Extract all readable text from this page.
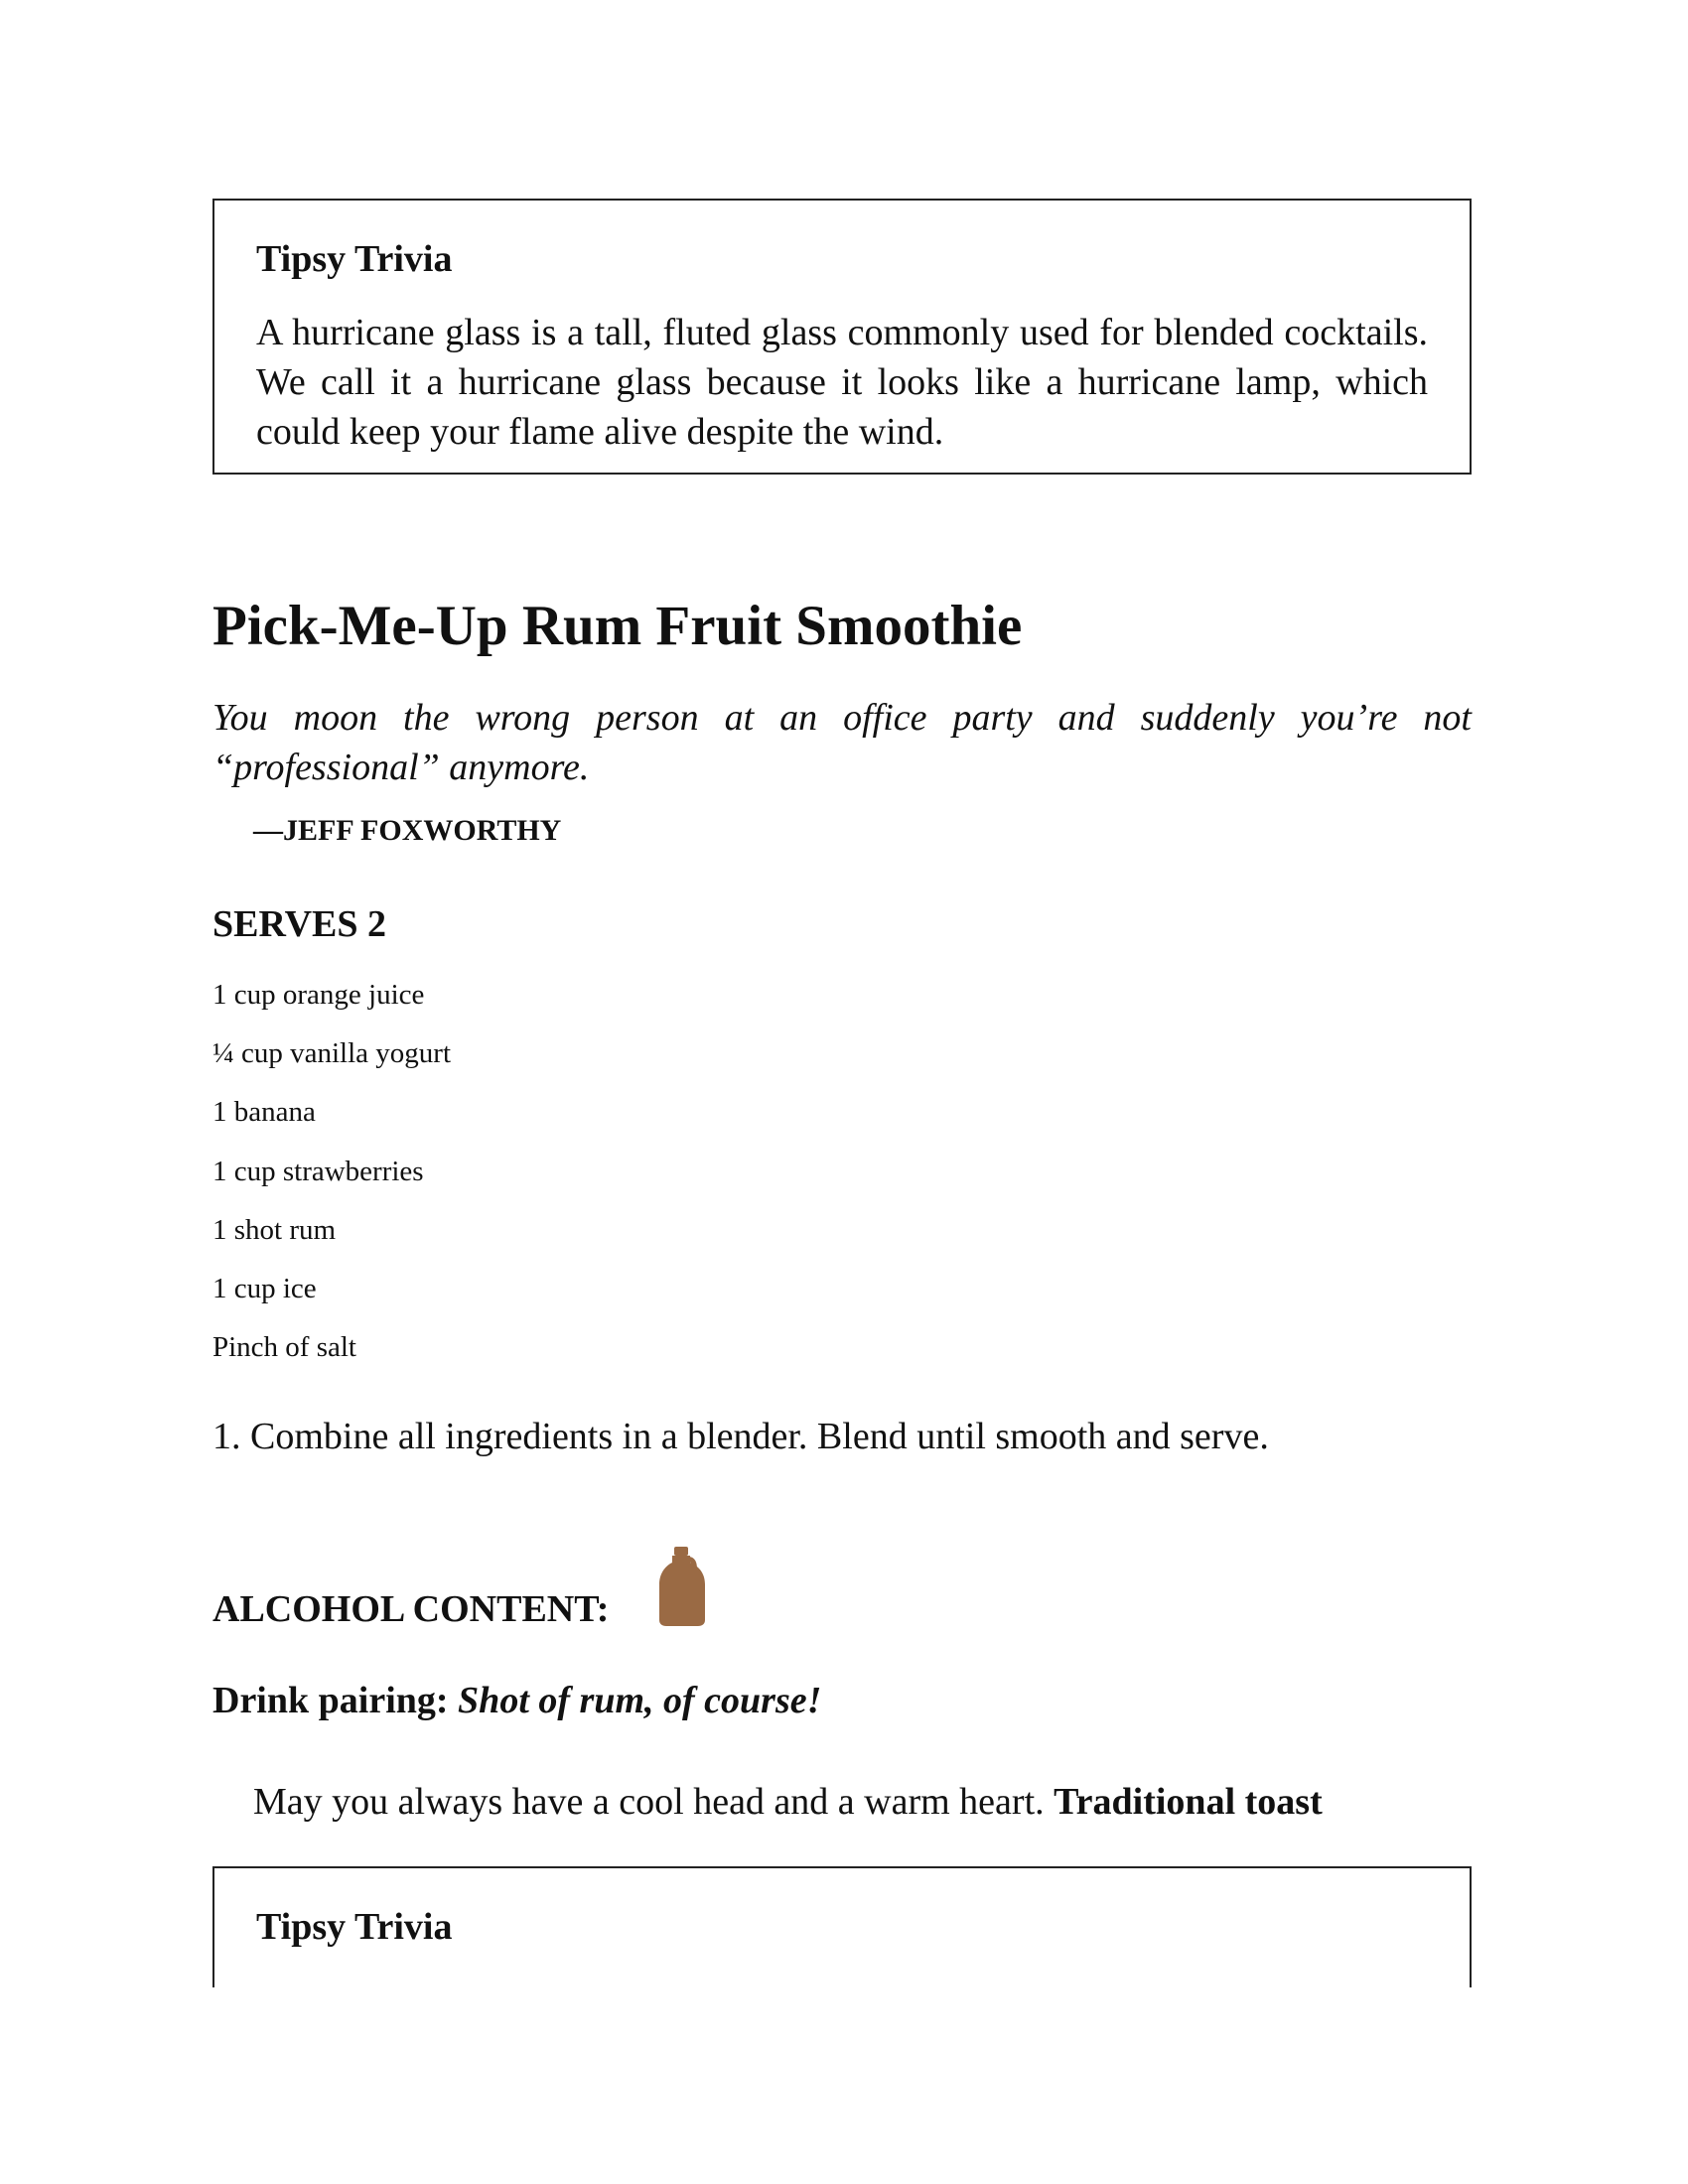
Tipsy Trivia

A hurricane glass is a tall, fluted glass commonly used for blended cocktails. We call it a hurricane glass because it looks like a hurricane lamp, which could keep your flame alive despite the wind.

Pick-Me-Up Rum Fruit Smoothie

You moon the wrong person at an office party and suddenly you’re not “professional” anymore.

—JEFF FOXWORTHY

SERVES 2

1 cup orange juice
¼ cup vanilla yogurt
1 banana
1 cup strawberries
1 shot rum
1 cup ice
Pinch of salt

1. Combine all ingredients in a blender. Blend until smooth and serve.

ALCOHOL CONTENT:

Drink pairing: Shot of rum, of course!

May you always have a cool head and a warm heart. Traditional toast

Tipsy Trivia
